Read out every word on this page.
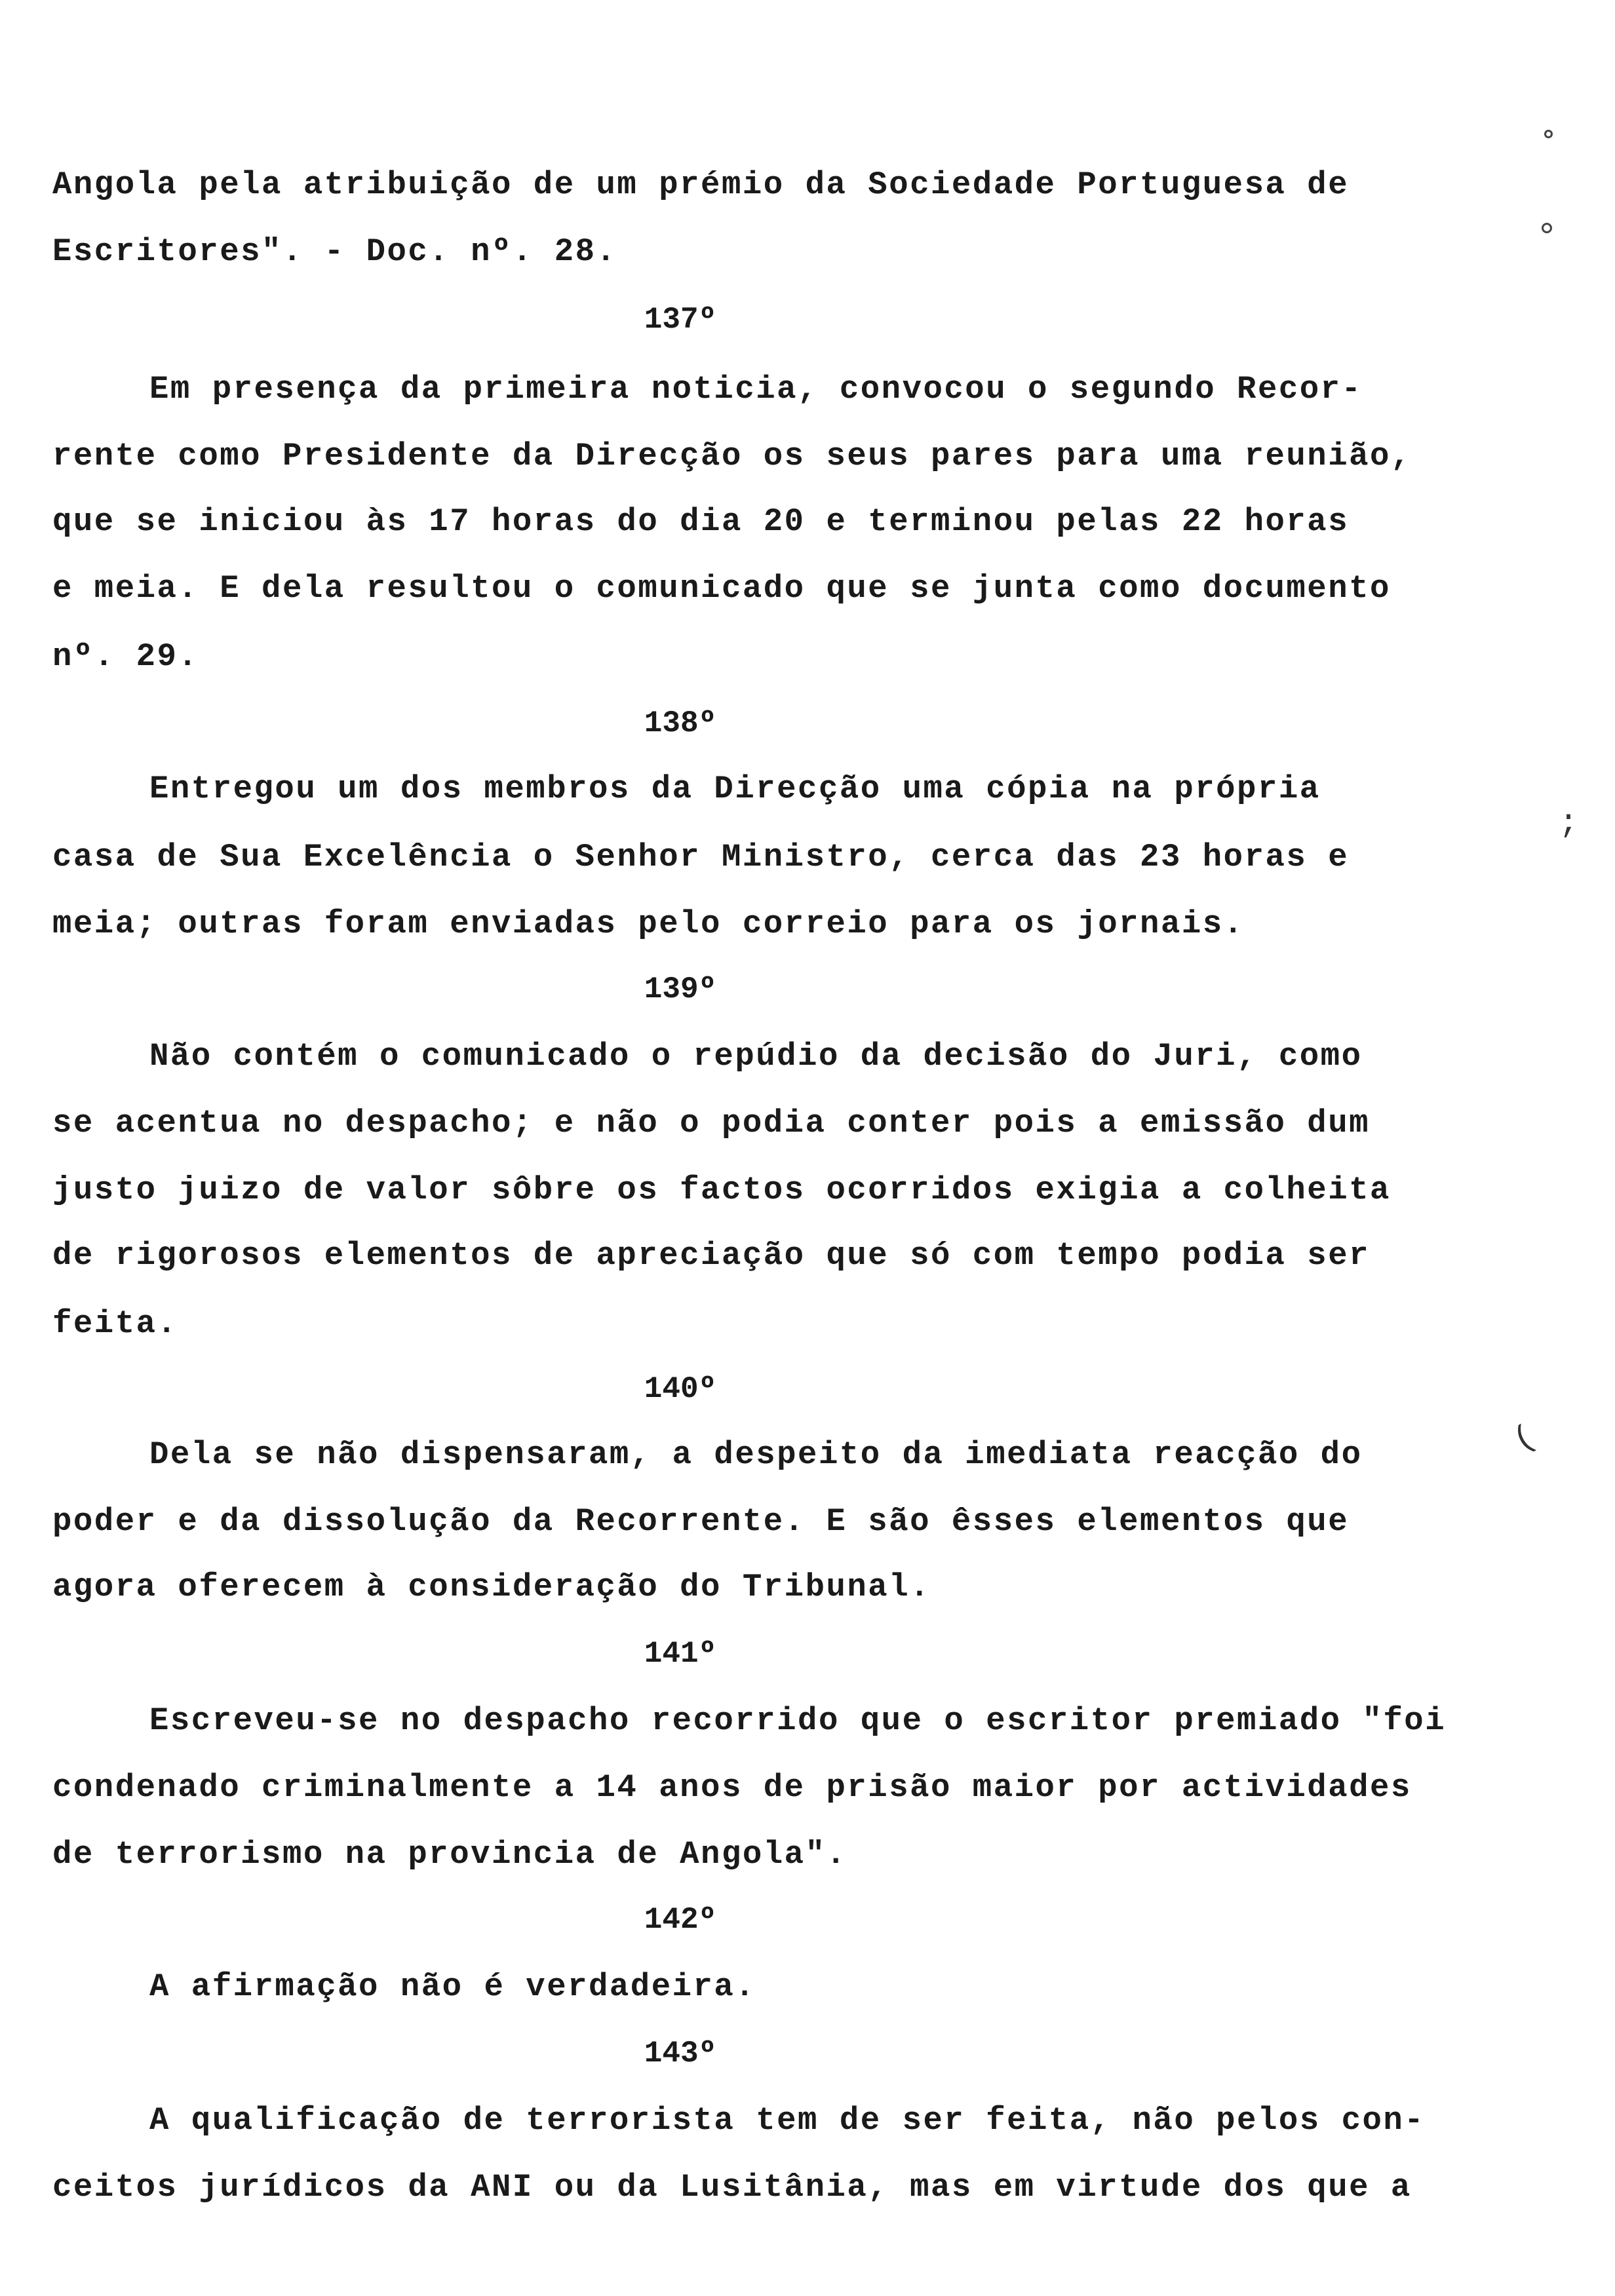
Angola pela atribuição de um prémio da Sociedade Portuguesa de
Escritores". - Doc. nº. 28.
137º
Em presença da primeira noticia, convocou o segundo Recor-
rente como Presidente da Direcção os seus pares para uma reunião,
que se iniciou às 17 horas do dia 20 e terminou pelas 22 horas
e meia. E dela resultou o comunicado que se junta como documento
nº. 29.
138º
Entregou um dos membros da Direcção uma cópia na própria
casa de Sua Excelência o Senhor Ministro, cerca das 23 horas e
meia; outras foram enviadas pelo correio para os jornais.
139º
Não contém o comunicado o repúdio da decisão do Juri, como
se acentua no despacho; e não o podia conter pois a emissão dum
justo juizo de valor sôbre os factos ocorridos exigia a colheita
de rigorosos elementos de apreciação que só com tempo podia ser
feita.
140º
Dela se não dispensaram, a despeito da imediata reacção do
poder e da dissolução da Recorrente. E são êsses elementos que
agora oferecem à consideração do Tribunal.
141º
Escreveu-se no despacho recorrido que o escritor premiado "foi
condenado criminalmente a 14 anos de prisão maior por actividades
de terrorismo na provincia de Angola".
142º
A afirmação não é verdadeira.
143º
A qualificação de terrorista tem de ser feita, não pelos con-
ceitos jurídicos da ANI ou da Lusitânia, mas em virtude dos que a
;
(
